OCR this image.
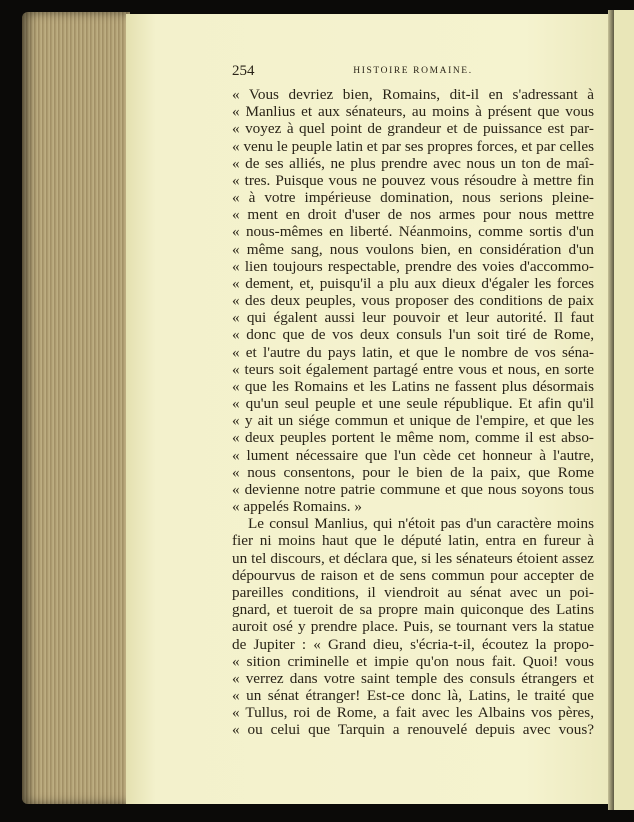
254	HISTOIRE ROMAINE.
« Vous devriez bien, Romains, dit-il en s'adressant à
« Manlius et aux sénateurs, au moins à présent que vous
« voyez à quel point de grandeur et de puissance est par-
« venu le peuple latin et par ses propres forces, et par celles
« de ses alliés, ne plus prendre avec nous un ton de maî-
« tres. Puisque vous ne pouvez vous résoudre à mettre fin
« à votre impérieuse domination, nous serions pleine-
« ment en droit d'user de nos armes pour nous mettre
« nous-mêmes en liberté. Néanmoins, comme sortis d'un
« même sang, nous voulons bien, en considération d'un
« lien toujours respectable, prendre des voies d'accommo-
« dement, et, puisqu'il a plu aux dieux d'égaler les forces
« des deux peuples, vous proposer des conditions de paix
« qui égalent aussi leur pouvoir et leur autorité. Il faut
« donc que de vos deux consuls l'un soit tiré de Rome,
« et l'autre du pays latin, et que le nombre de vos séna-
« teurs soit également partagé entre vous et nous, en sorte
« que les Romains et les Latins ne fassent plus désormais
« qu'un seul peuple et une seule république. Et afin qu'il
« y ait un siége commun et unique de l'empire, et que les
« deux peuples portent le même nom, comme il est abso-
« lument nécessaire que l'un cède cet honneur à l'autre,
« nous consentons, pour le bien de la paix, que Rome
« devienne notre patrie commune et que nous soyons tous
« appelés Romains. »
Le consul Manlius, qui n'étoit pas d'un caractère moins
fier ni moins haut que le député latin, entra en fureur à
un tel discours, et déclara que, si les sénateurs étoient assez
dépourvus de raison et de sens commun pour accepter de
pareilles conditions, il viendroit au sénat avec un poi-
gnard, et tueroit de sa propre main quiconque des Latins
auroit osé y prendre place. Puis, se tournant vers la statue
de Jupiter : « Grand dieu, s'écria-t-il, écoutez la propo-
« sition criminelle et impie qu'on nous fait. Quoi! vous
« verrez dans votre saint temple des consuls étrangers et
« un sénat étranger! Est-ce donc là, Latins, le traité que
« Tullus, roi de Rome, a fait avec les Albains vos pères,
« ou celui que Tarquin a renouvelé depuis avec vous?
